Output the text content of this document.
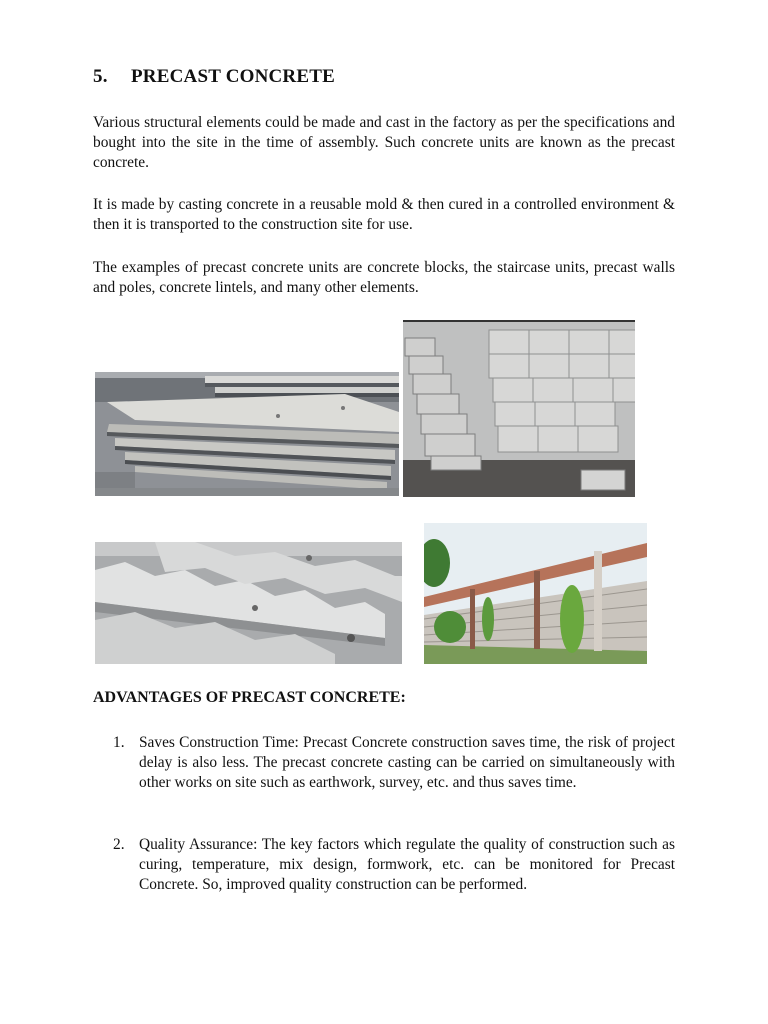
5. PRECAST CONCRETE

Various structural elements could be made and cast in the factory as per the specifications and bought into the site in the time of assembly. Such concrete units are known as the precast concrete.

It is made by casting concrete in a reusable mold & then cured in a controlled environment & then it is transported to the construction site for use.

The examples of precast concrete units are concrete blocks, the staircase units, precast walls and poles, concrete lintels, and many other elements.

ADVANTAGES OF PRECAST CONCRETE:
1. Saves Construction Time: Precast Concrete construction saves time, the risk of project delay is also less. The precast concrete casting can be carried on simultaneously with other works on site such as earthwork, survey, etc. and thus saves time.
2. Quality Assurance: The key factors which regulate the quality of construction such as curing, temperature, mix design, formwork, etc. can be monitored for Precast Concrete. So, improved quality construction can be performed.
